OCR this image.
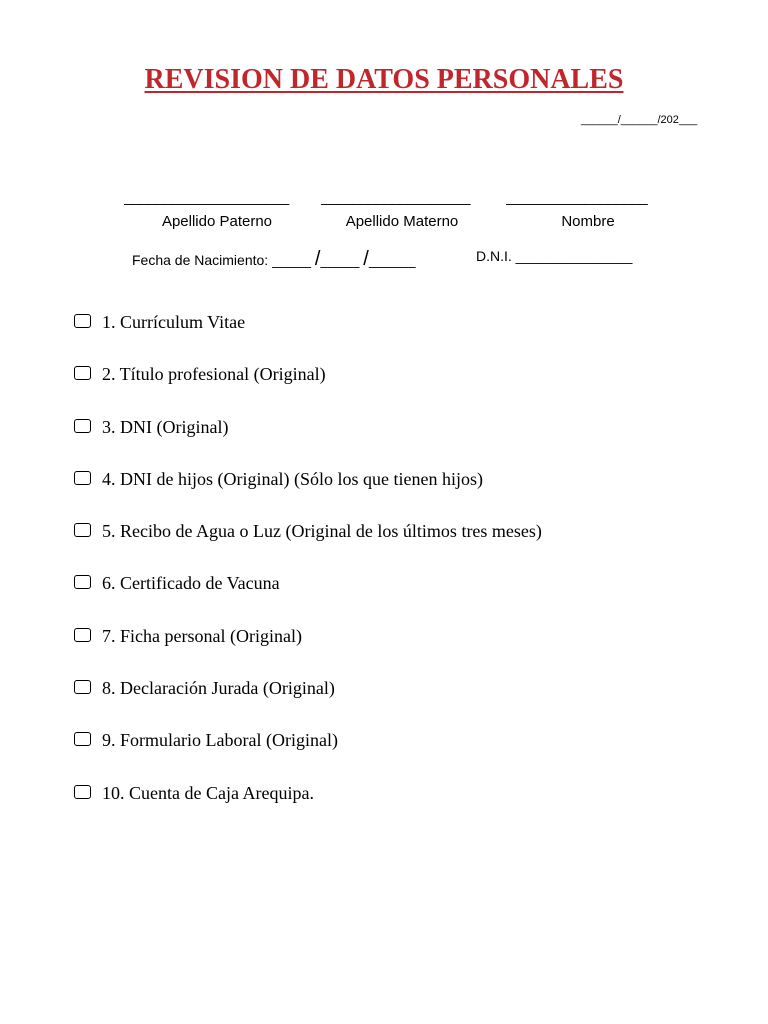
REVISION DE DATOS PERSONALES
______/______/202___
_____________________	___________________	__________________
Apellido Paterno	Apellido Materno	Nombre
Fecha de Nacimiento: _____ /_____ /______	D.N.I. _______________
1. Currículum Vitae
2. Título profesional (Original)
3. DNI (Original)
4. DNI de hijos (Original) (Sólo los que tienen hijos)
5. Recibo de Agua o Luz (Original de los últimos tres meses)
6. Certificado de Vacuna
7. Ficha personal (Original)
8. Declaración Jurada (Original)
9. Formulario Laboral (Original)
10. Cuenta de Caja Arequipa.
